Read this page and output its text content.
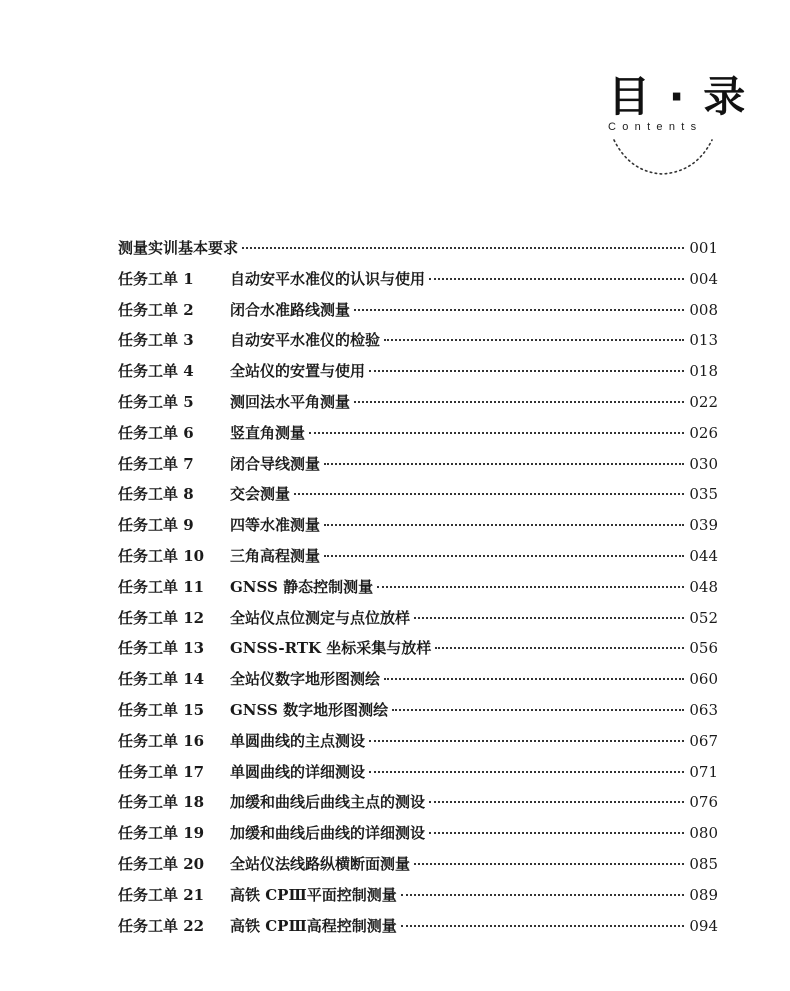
目 · 录
Contents
测量实训基本要求	001
任务工单 1	自动安平水准仪的认识与使用	004
任务工单 2	闭合水准路线测量	008
任务工单 3	自动安平水准仪的检验	013
任务工单 4	全站仪的安置与使用	018
任务工单 5	测回法水平角测量	022
任务工单 6	竖直角测量	026
任务工单 7	闭合导线测量	030
任务工单 8	交会测量	035
任务工单 9	四等水准测量	039
任务工单 10	三角高程测量	044
任务工单 11	GNSS 静态控制测量	048
任务工单 12	全站仪点位测定与点位放样	052
任务工单 13	GNSS-RTK 坐标采集与放样	056
任务工单 14	全站仪数字地形图测绘	060
任务工单 15	GNSS 数字地形图测绘	063
任务工单 16	单圆曲线的主点测设	067
任务工单 17	单圆曲线的详细测设	071
任务工单 18	加缓和曲线后曲线主点的测设	076
任务工单 19	加缓和曲线后曲线的详细测设	080
任务工单 20	全站仪法线路纵横断面测量	085
任务工单 21	高铁 CPⅢ平面控制测量	089
任务工单 22	高铁 CPⅢ高程控制测量	094
